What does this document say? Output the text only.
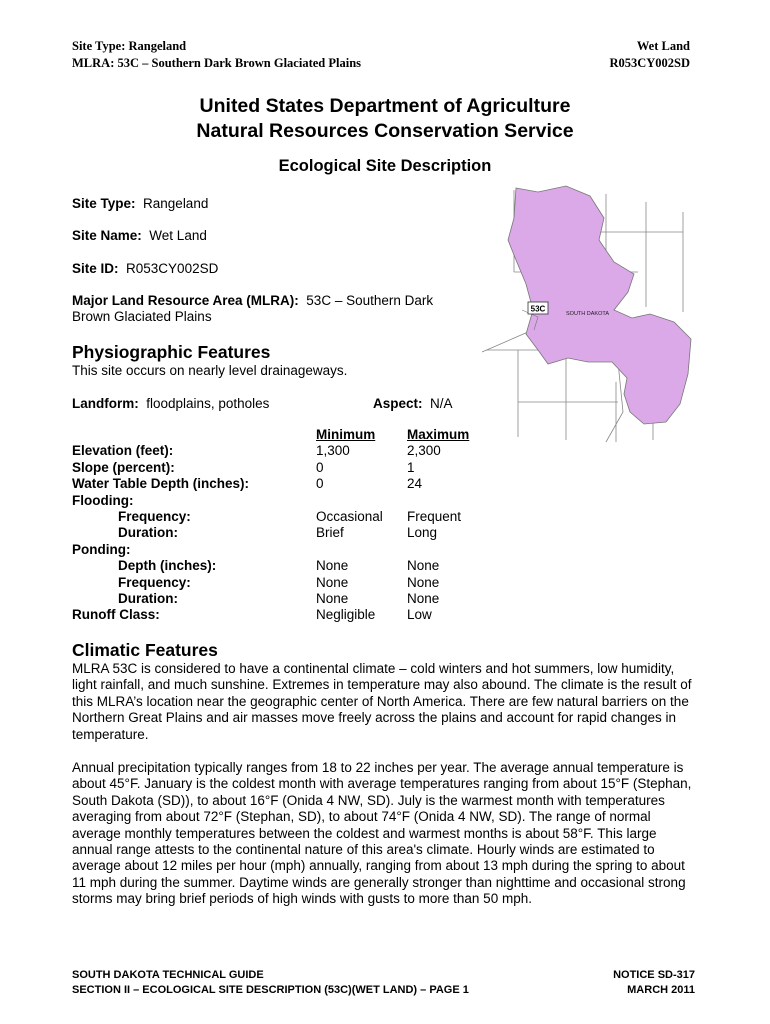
Site Type: Rangeland
MLRA: 53C – Southern Dark Brown Glaciated Plains
Wet Land
R053CY002SD
United States Department of Agriculture
Natural Resources Conservation Service
Ecological Site Description
Site Type: Rangeland
Site Name: Wet Land
Site ID: R053CY002SD
Major Land Resource Area (MLRA): 53C – Southern Dark
Brown Glaciated Plains	53C
SOUTH DAKOTA
Physiographic Features
This site occurs on nearly level drainageways.
Landform: floodplains, potholes	Aspect: N/A
Minimum Maximum
Elevation (feet):	1,300	2,300
Slope (percent):	0	1
Water Table Depth (inches):	0	24
Flooding:
Frequency:	Occasional Frequent
Duration:	Brief	Long
Ponding:
Depth (inches):	None	None
Frequency:	None	None
Duration:	None	None
Runoff Class:	Negligible Low
Climatic Features
MLRA 53C is considered to have a continental climate – cold winters and hot summers, low humidity, light rainfall, and much sunshine. Extremes in temperature may also abound. The climate is the result of this MLRA’s location near the geographic center of North America. There are few natural barriers on the Northern Great Plains and air masses move freely across the plains and account for rapid changes in temperature.
Annual precipitation typically ranges from 18 to 22 inches per year. The average annual temperature is about 45°F. January is the coldest month with average temperatures ranging from about 15°F (Stephan, South Dakota (SD)), to about 16°F (Onida 4 NW, SD). July is the warmest month with temperatures averaging from about 72°F (Stephan, SD), to about 74°F (Onida 4 NW, SD). The range of normal average monthly temperatures between the coldest and warmest months is about 58°F. This large annual range attests to the continental nature of this area's climate. Hourly winds are estimated to average about 12 miles per hour (mph) annually, ranging from about 13 mph during the spring to about 11 mph during the summer. Daytime winds are generally stronger than nighttime and occasional strong storms may bring brief periods of high winds with gusts to more than 50 mph.
SOUTH DAKOTA TECHNICAL GUIDE
SECTION II – ECOLOGICAL SITE DESCRIPTION (53C)(WET LAND) – PAGE 1
NOTICE SD-317
MARCH 2011
